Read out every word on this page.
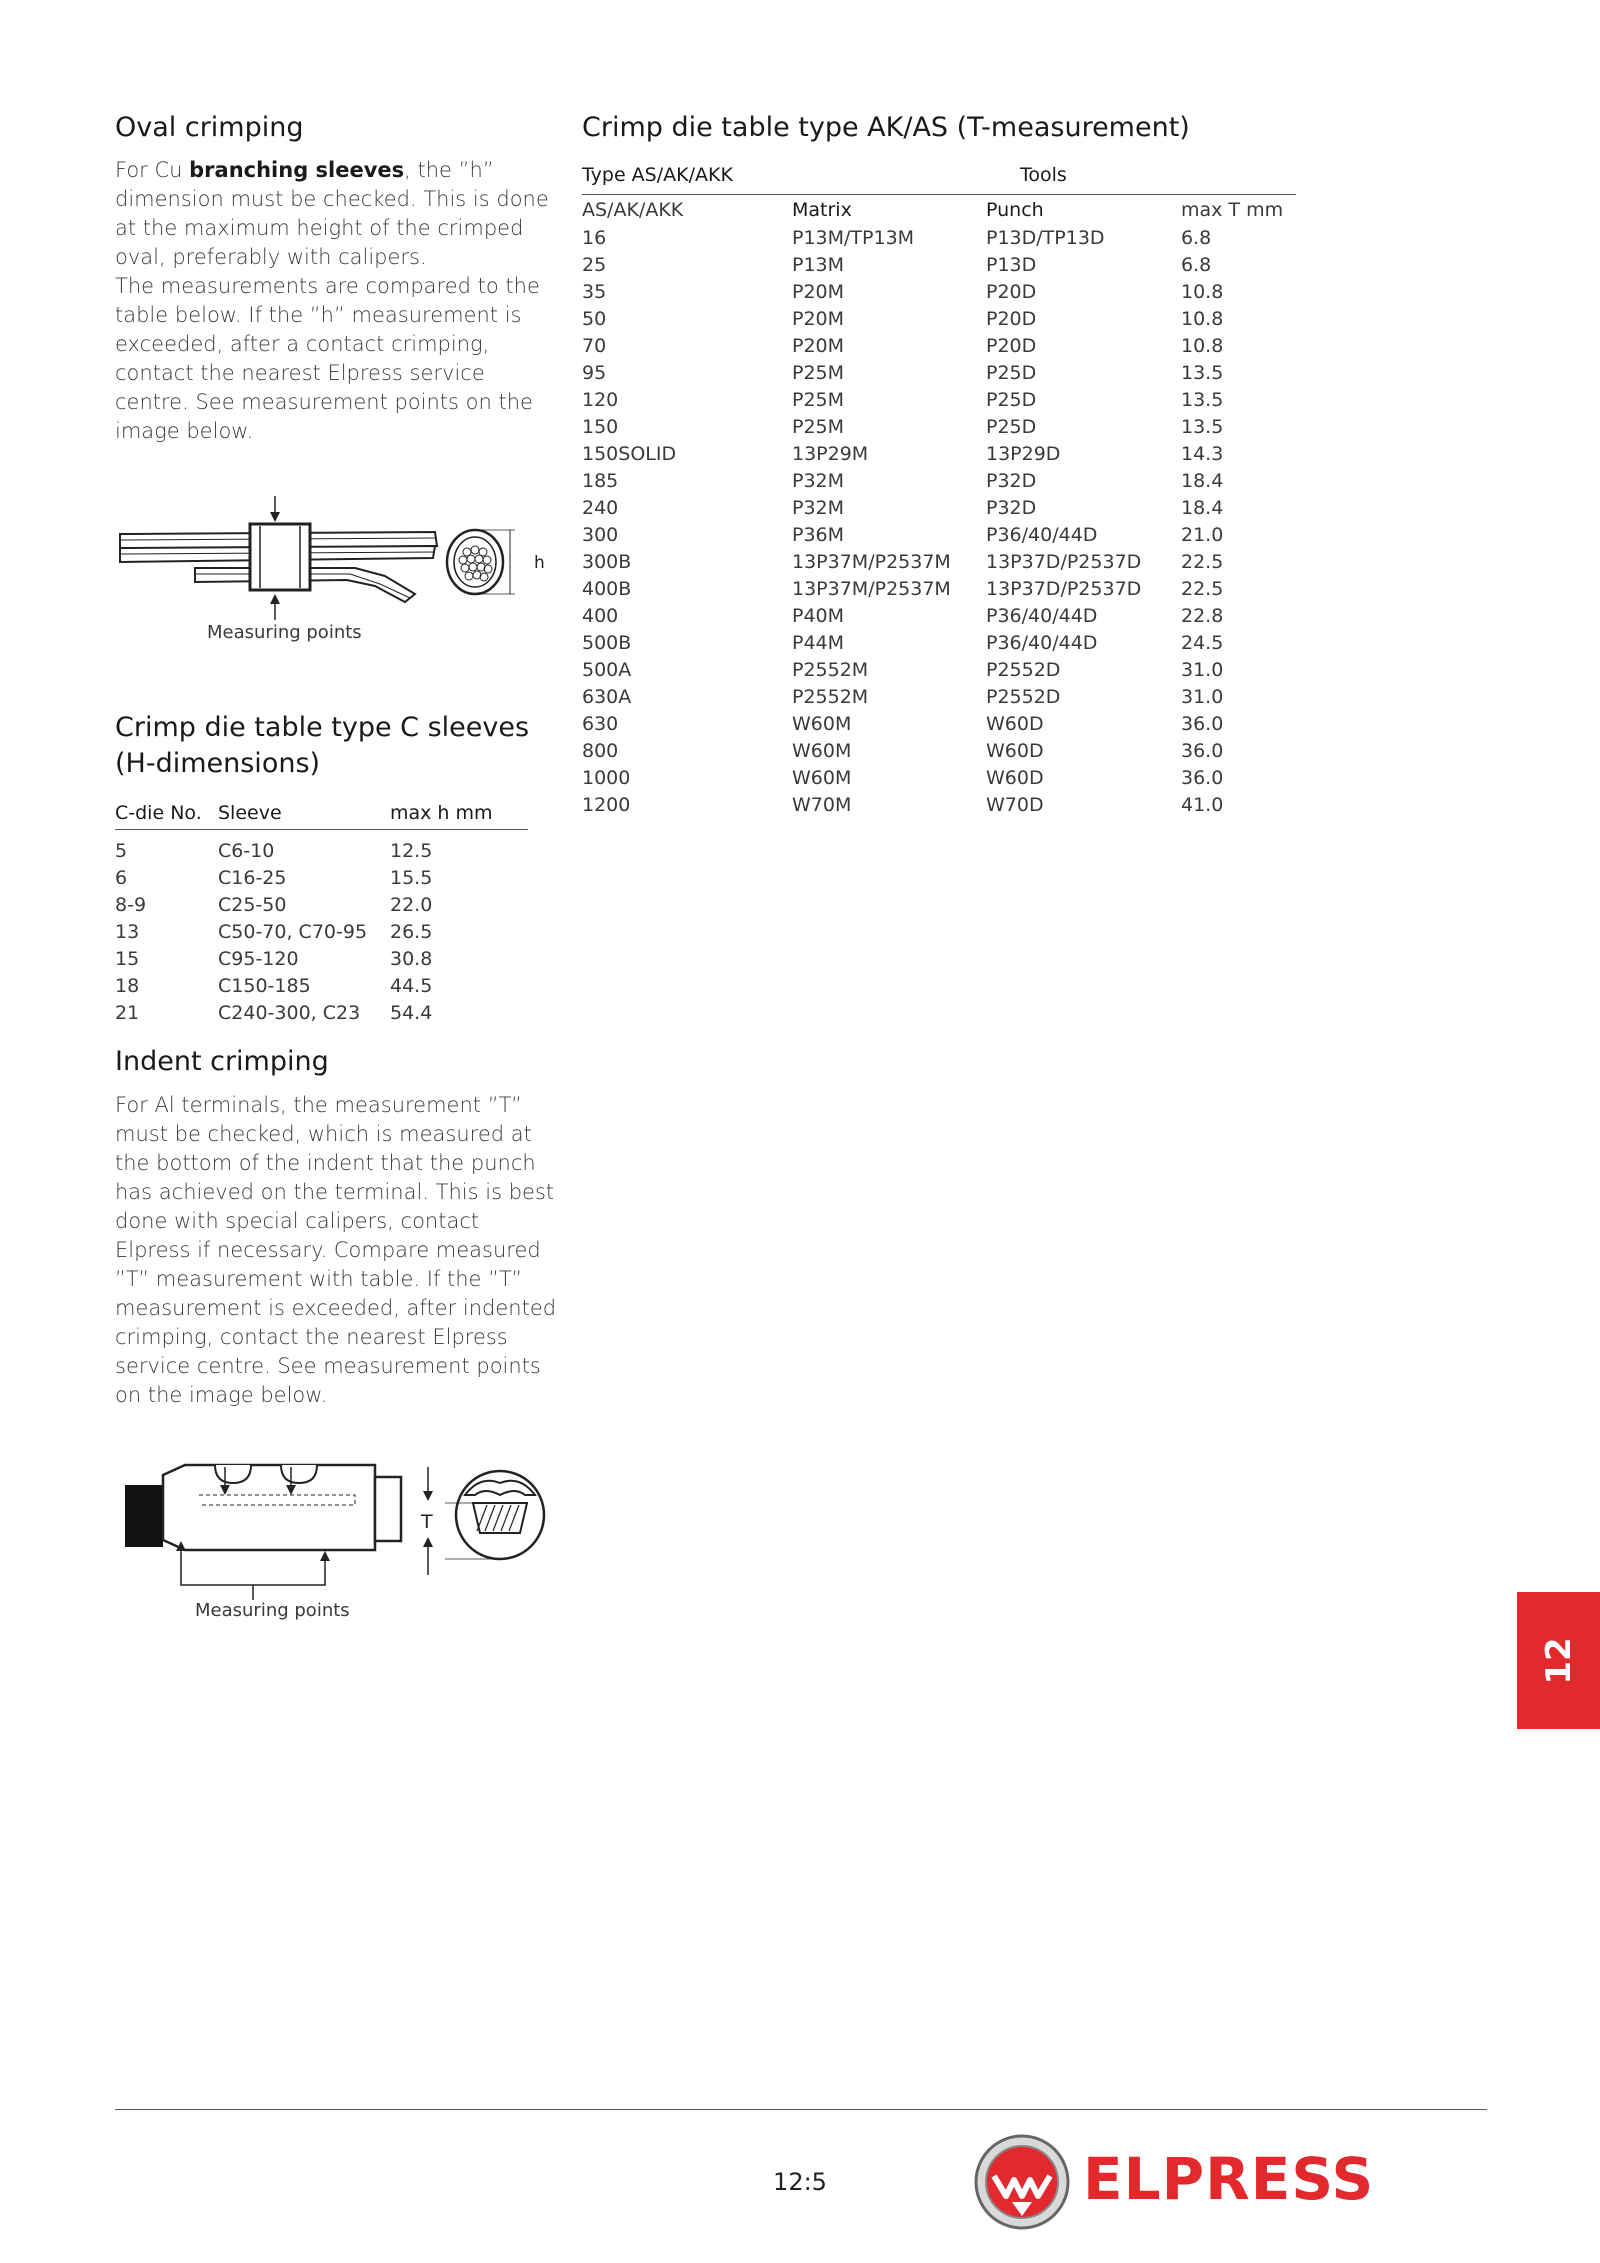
Oval crimping

For Cu branching sleeves, the ”h” dimension must be checked. This is done at the maximum height of the crimped oval, preferably with calipers.

The measurements are compared to the table below. If the ”h” measurement is exceeded, after a contact crimping, contact the nearest Elpress service centre. See measurement points on the image below.

h
Measuring points
Crimp die table type C sleeves (H-dimensions)
C-die No.	Sleeve	max h mm

5	C6-10	12.5
6	C16-25	15.5
8-9	C25-50	22.0
13	C50-70, C70-95	26.5
15	C95-120	30.8
18	C150-185	44.5
21	C240-300, C23	54.4
Indent crimping

For Al terminals, the measurement ”T” must be checked, which is measured at the bottom of the indent that the punch has achieved on the terminal. This is best done with special calipers, contact Elpress if necessary. Compare measured ”T” measurement with table. If the ”T” measurement is exceeded, after indented crimping, contact the nearest Elpress service centre. See measurement points on the image below.

T
Measuring points
Crimp die table type AK/AS (T-measurement)
Type AS/AK/AKK	Tools
AS/AK/AKK	Matrix	Punch	max T mm
16	P13M/TP13M	P13D/TP13D	6.8
25	P13M	P13D	6.8
35	P20M	P20D	10.8
50	P20M	P20D	10.8
70	P20M	P20D	10.8
95	P25M	P25D	13.5
120	P25M	P25D	13.5
150	P25M	P25D	13.5
150SOLID	13P29M	13P29D	14.3
185	P32M	P32D	18.4
240	P32M	P32D	18.4
300	P36M	P36/40/44D	21.0
300B	13P37M/P2537M	13P37D/P2537D	22.5
400B	13P37M/P2537M	13P37D/P2537D	22.5
400	P40M	P36/40/44D	22.8
500B	P44M	P36/40/44D	24.5
500A	P2552M	P2552D	31.0
630A	P2552M	P2552D	31.0
630	W60M	W60D	36.0
800	W60M	W60D	36.0
1000	W60M	W60D	36.0
1200	W70M	W70D	41.0
12
12:5	ELPRESS
